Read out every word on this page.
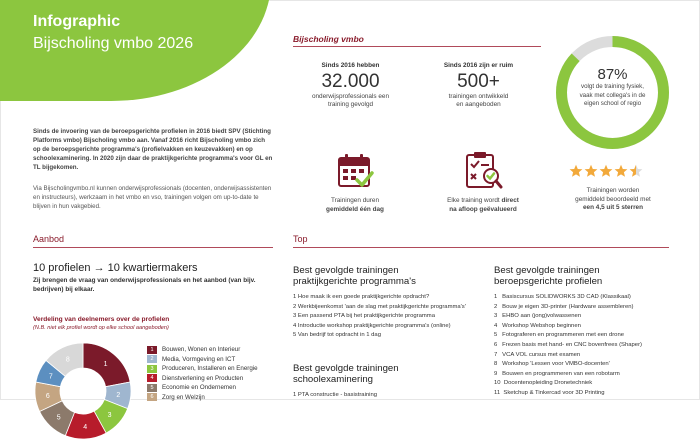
Infographic
Bijscholing vmbo 2026
Sinds de invoering van de beroepsgerichte profielen in 2016 biedt SPV (Stichting Platforms vmbo) Bijscholing vmbo aan. Vanaf 2016 richt Bijscholing vmbo zich op de beroepsgerichte programma's (profielvakken en keuzevakken) en op schoolexaminering. In 2020 zijn daar de praktijkgerichte programma's voor GL en TL bijgekomen.
Via Bijscholingvmbo.nl kunnen onderwijsprofessionals (docenten, onderwijsassistenten en instructeurs), werkzaam in het vmbo en vso, trainingen volgen om up-to-date te blijven in hun vakgebied.
Bijscholing vmbo
Sinds 2016 hebben
32.000
onderwijsprofessionals een
training gevolgd
Sinds 2016 zijn er ruim
500+
trainingen ontwikkeld
en aangeboden
87%
volgt de training fysiek,
vaak met collega's in de
eigen school of regio
Trainingen duren
gemiddeld één dag
Elke training wordt direct
na afloop geëvalueerd
Trainingen worden
gemiddeld beoordeeld met
een 4,5 uit 5 sterren
Aanbod
10 profielen → 10 kwartiermakers
Zij brengen de vraag van onderwijsprofessionals en het aanbod (van bijv. bedrijven) bij elkaar.
Verdeling van deelnemers over de profielen
(N.B. niet elk profiel wordt op elke school aangeboden)
1
2
3
4
5
6
7
8
1	Bouwen, Wonen en Interieur
2	Media, Vormgeving en ICT
3	Produceren, Installeren en Energie
4	Dienstverlening en Producten
5	Economie en Ondernemen
6	Zorg en Welzijn
Top
Best gevolgde trainingen
praktijkgerichte programma's
1 Hoe maak ik een goede praktijkgerichte opdracht?
2 Werkbijeenkomst 'aan de slag met praktijkgerichte programma's'
3 Een passend PTA bij het praktijkgerichte programma
4 Introductie workshop praktijkgerichte programma's (online)
5 Van bedrijf tot opdracht in 1 dag
Best gevolgde trainingen
schoolexaminering
1 PTA constructie - basistraining
Best gevolgde trainingen
beroepsgerichte profielen
1   Basiscursus SOLIDWORKS 3D CAD (Klassikaal)
2   Bouw je eigen 3D-printer (Hardware assembleren)
3   EHBO aan (jong)volwassenen
4   Workshop Webshop beginnen
5   Fotograferen en programmeren met een drone
6   Frezen basis met hand- en CNC bovenfrees (Shaper)
7   VCA VOL cursus met examen
8   Workshop 'Lessen voor VMBO-docenten'
9   Bouwen en programmeren van een robotarm
10  Docentenopleiding Dronetechniek
11  Sketchup & Tinkercad voor 3D Printing
